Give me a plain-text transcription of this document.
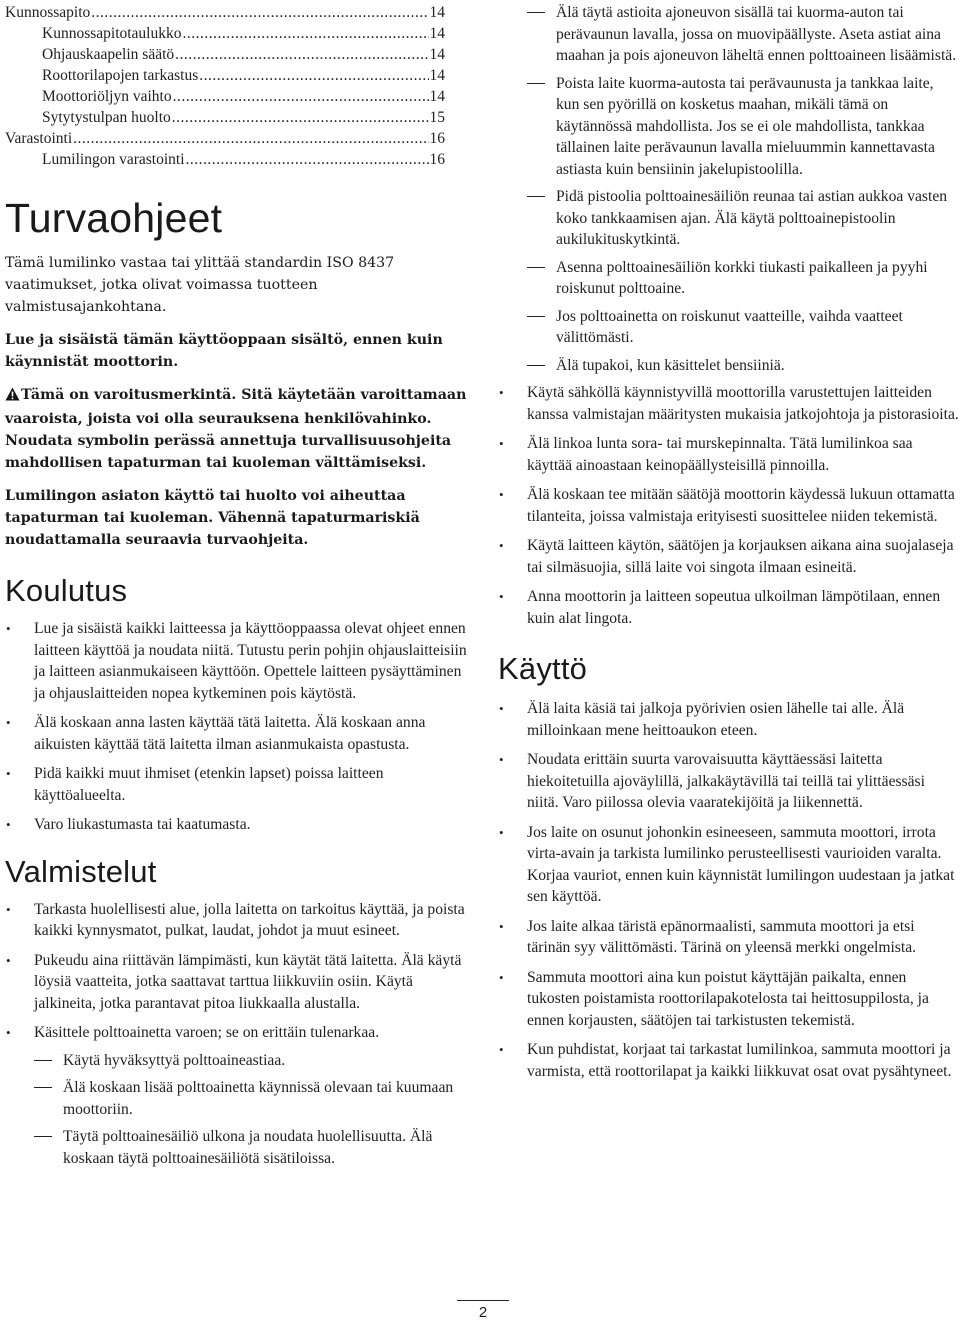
Kunnossapito .....	14
Kunnossapitotaulukko .....	14
Ohjauskaapelin säätö .....	14
Roottorilapojen tarkastus .....	14
Moottoriöljyn vaihto .....	14
Sytytystulpan huolto .....	15
Varastointi .....	16
Lumilingon varastointi .....	16
Turvaohjeet

Tämä lumilinko vastaa tai ylittää standardin ISO 8437 vaatimukset, jotka olivat voimassa tuotteen valmistusajankohtana.

Lue ja sisäistä tämän käyttöoppaan sisältö, ennen kuin käynnistät moottorin.

Tämä on varoitusmerkintä. Sitä käytetään varoittamaan vaaroista, joista voi olla seurauksena henkilövahinko. Noudata symbolin perässä annettuja turvallisuusohjeita mahdollisen tapaturman tai kuoleman välttämiseksi.

Lumilingon asiaton käyttö tai huolto voi aiheuttaa tapaturman tai kuoleman. Vähennä tapaturmariskiä noudattamalla seuraavia turvaohjeita.

Koulutus
• Lue ja sisäistä kaikki laitteessa ja käyttöoppaassa olevat ohjeet ennen laitteen käyttöä ja noudata niitä. Tutustu perin pohjin ohjauslaitteisiin ja laitteen asianmukaiseen käyttöön. Opettele laitteen pysäyttäminen ja ohjauslaitteiden nopea kytkeminen pois käytöstä.
• Älä koskaan anna lasten käyttää tätä laitetta. Älä koskaan anna aikuisten käyttää tätä laitetta ilman asianmukaista opastusta.
• Pidä kaikki muut ihmiset (etenkin lapset) poissa laitteen käyttöalueelta.
• Varo liukastumasta tai kaatumasta.
Valmistelut
• Tarkasta huolellisesti alue, jolla laitetta on tarkoitus käyttää, ja poista kaikki kynnysmatot, pulkat, laudat, johdot ja muut esineet.
• Pukeudu aina riittävän lämpimästi, kun käytät tätä laitetta. Älä käytä löysiä vaatteita, jotka saattavat tarttua liikkuviin osiin. Käytä jalkineita, jotka parantavat pitoa liukkaalla alustalla.
• Käsittele polttoainetta varoen; se on erittäin tulenarkaa.
Käytä hyväksyttyä polttoaineastiaa.
Älä koskaan lisää polttoainetta käynnissä olevaan tai kuumaan moottoriin.
Täytä polttoainesäiliö ulkona ja noudata huolellisuutta. Älä koskaan täytä polttoainesäiliötä sisätiloissa.
Älä täytä astioita ajoneuvon sisällä tai kuorma-auton tai perävaunun lavalla, jossa on muovipäällyste. Aseta astiat aina maahan ja pois ajoneuvon läheltä ennen polttoaineen lisäämistä.
Poista laite kuorma-autosta tai perävaunusta ja tankkaa laite, kun sen pyörillä on kosketus maahan, mikäli tämä on käytännössä mahdollista. Jos se ei ole mahdollista, tankkaa tällainen laite perävaunun lavalla mieluummin kannettavasta astiasta kuin bensiinin jakelupistoolilla.
Pidä pistoolia polttoainesäiliön reunaa tai astian aukkoa vasten koko tankkaamisen ajan. Älä käytä polttoainepistoolin aukilukituskytkintä.
Asenna polttoainesäiliön korkki tiukasti paikalleen ja pyyhi roiskunut polttoaine.
Jos polttoainetta on roiskunut vaatteille, vaihda vaatteet välittömästi.
Älä tupakoi, kun käsittelet bensiiniä.
• Käytä sähköllä käynnistyvillä moottorilla varustettujen laitteiden kanssa valmistajan määritysten mukaisia jatkojohtoja ja pistorasioita.
• Älä linkoa lunta sora- tai murskepinnalta. Tätä lumilinkoa saa käyttää ainoastaan keinopäällysteisillä pinnoilla.
• Älä koskaan tee mitään säätöjä moottorin käydessä lukuun ottamatta tilanteita, joissa valmistaja erityisesti suosittelee niiden tekemistä.
• Käytä laitteen käytön, säätöjen ja korjauksen aikana aina suojalaseja tai silmäsuojia, sillä laite voi singota ilmaan esineitä.
• Anna moottorin ja laitteen sopeutua ulkoilman lämpötilaan, ennen kuin alat lingota.
Käyttö
• Älä laita käsiä tai jalkoja pyörivien osien lähelle tai alle. Älä milloinkaan mene heittoaukon eteen.
• Noudata erittäin suurta varovaisuutta käyttäessäsi laitetta hiekoitetuilla ajoväylillä, jalkakäytävillä tai teillä tai ylittäessäsi niitä. Varo piilossa olevia vaaratekijöitä ja liikennettä.
• Jos laite on osunut johonkin esineeseen, sammuta moottori, irrota virta-avain ja tarkista lumilinko perusteellisesti vaurioiden varalta. Korjaa vauriot, ennen kuin käynnistät lumilingon uudestaan ja jatkat sen käyttöä.
• Jos laite alkaa täristä epänormaalisti, sammuta moottori ja etsi tärinän syy välittömästi. Tärinä on yleensä merkki ongelmista.
• Sammuta moottori aina kun poistut käyttäjän paikalta, ennen tukosten poistamista roottorilapakotelosta tai heittosuppilosta, ja ennen korjausten, säätöjen tai tarkistusten tekemistä.
• Kun puhdistat, korjaat tai tarkastat lumilinkoa, sammuta moottori ja varmista, että roottorilapat ja kaikki liikkuvat osat ovat pysähtyneet.
2
